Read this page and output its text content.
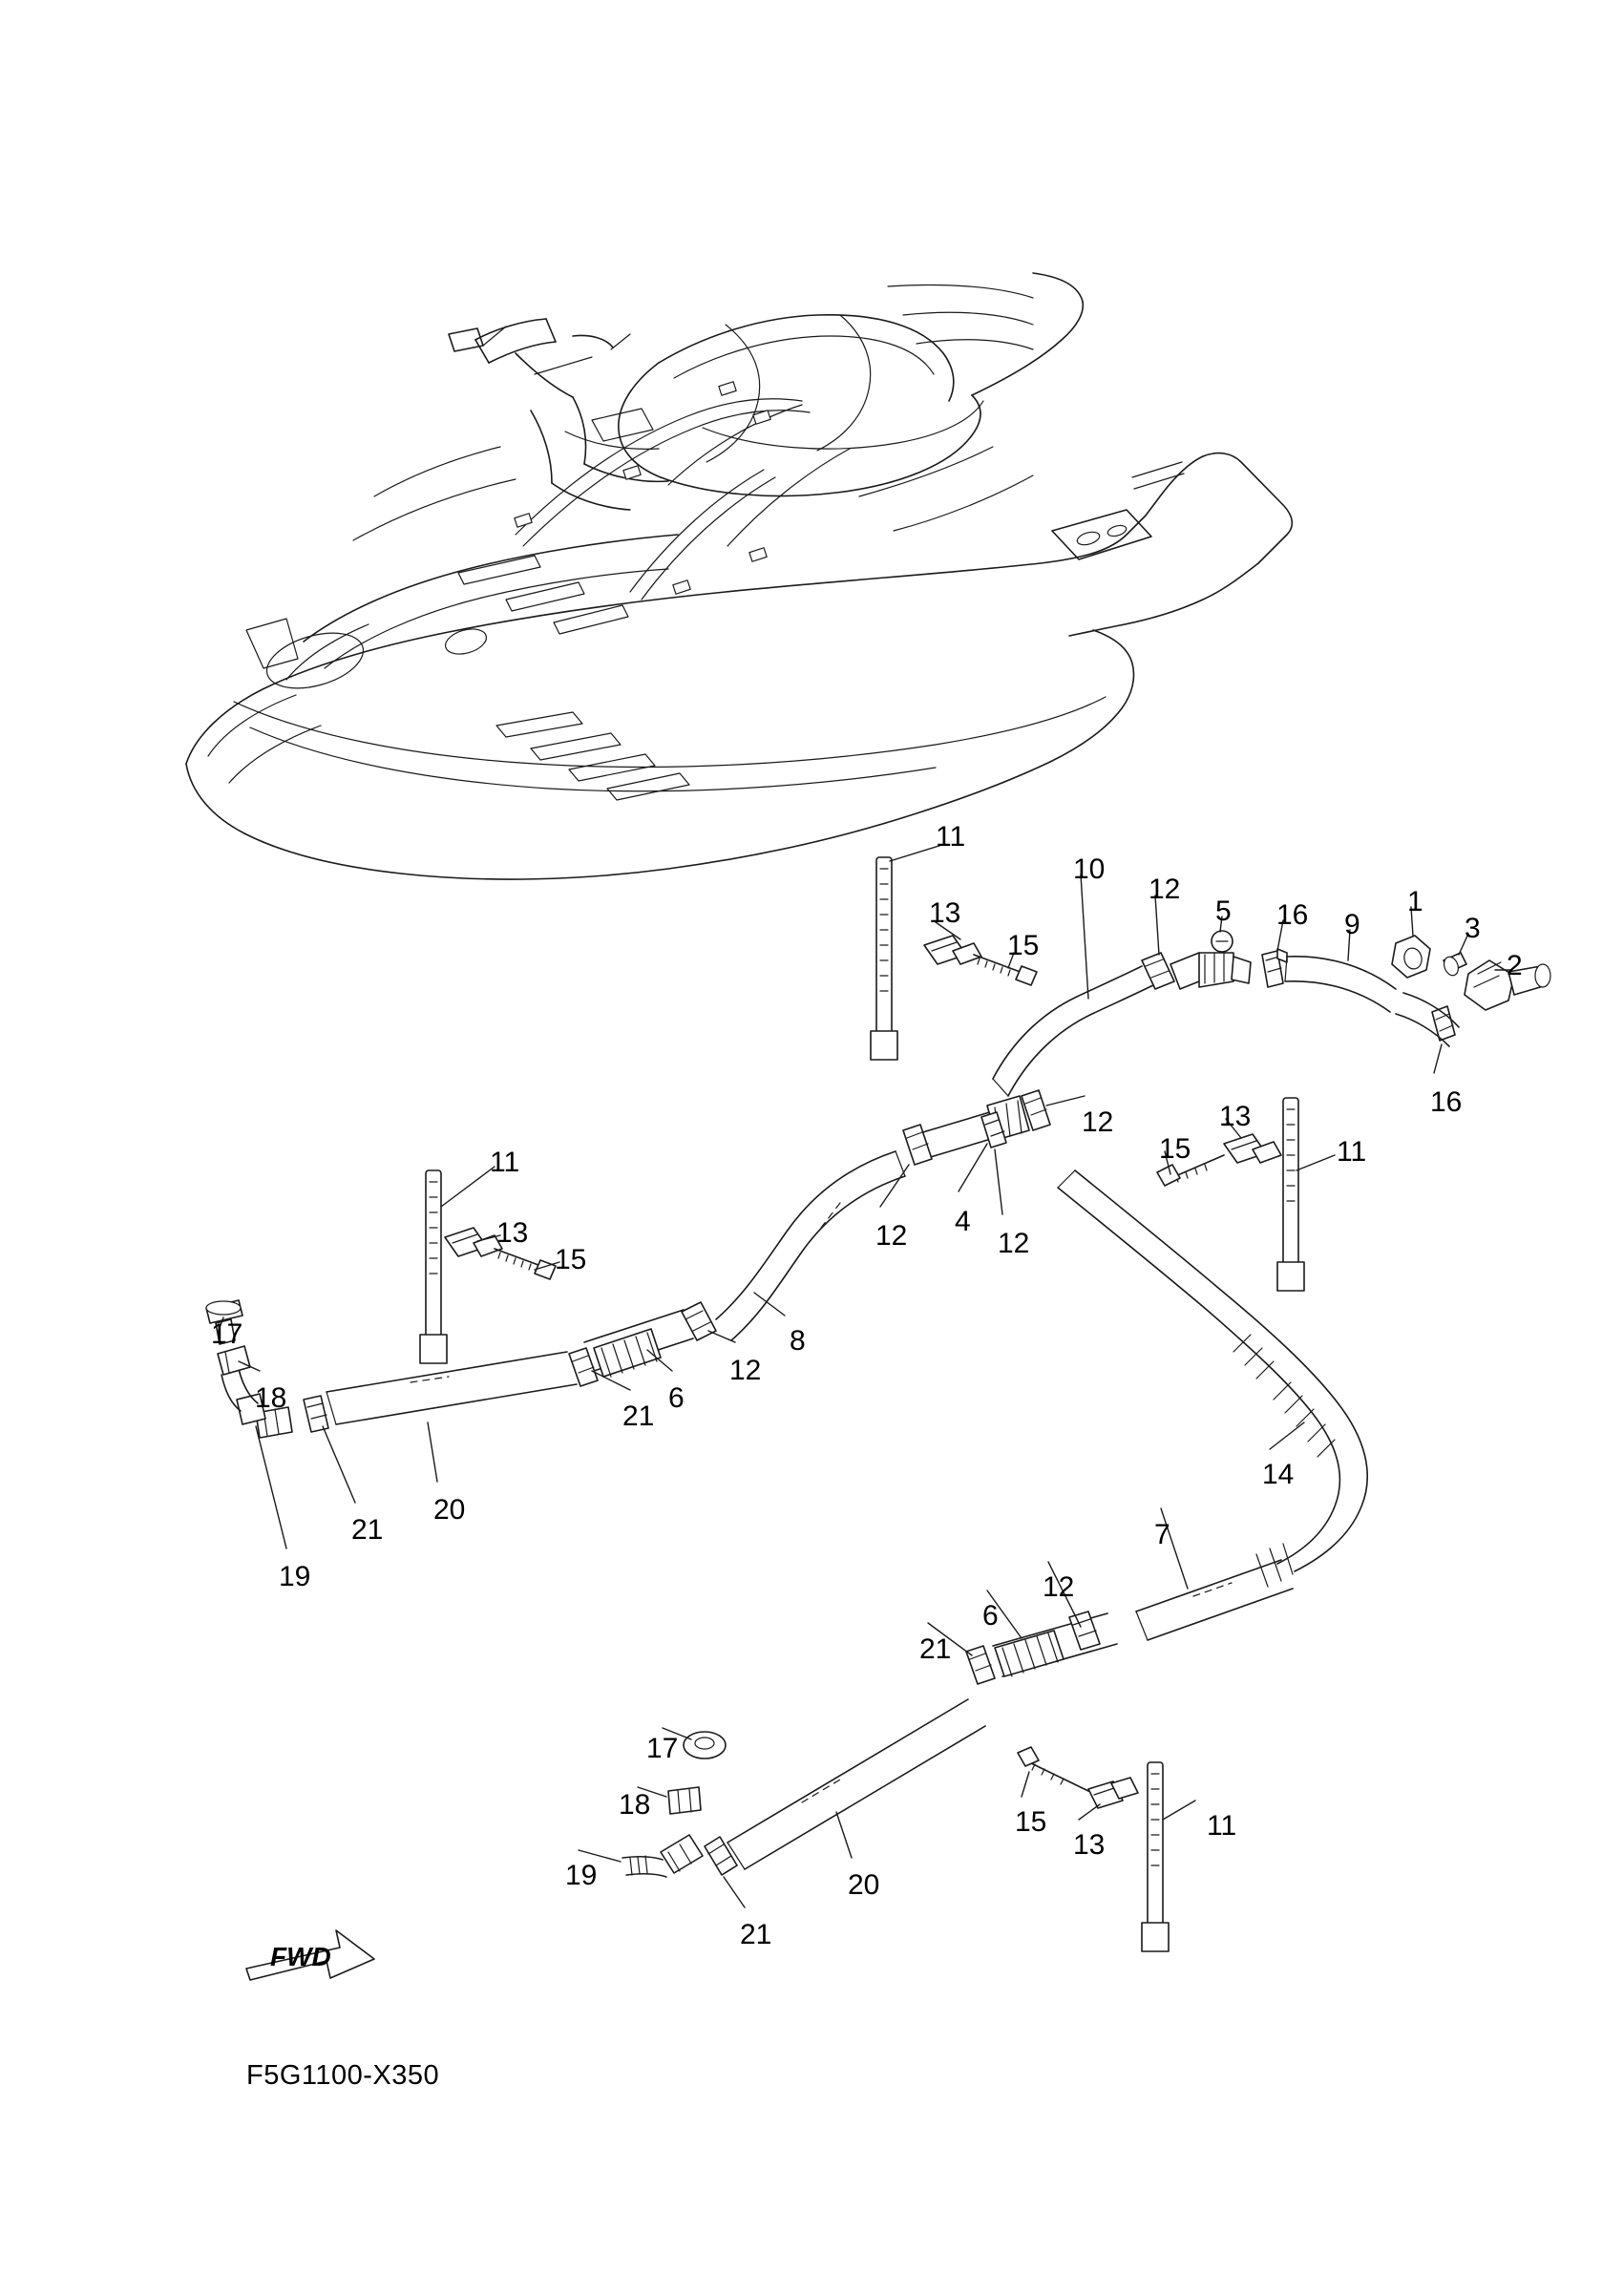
11
13
15
10
12
5 16 9
1
3
2
16
12
12 4
12
15
13
11
11
13
15
8
12
6
21
17
18
19
21
20
14
7
12
6
21
17
18
19
21
20
15
13
11
FWD
F5G1100-X350
